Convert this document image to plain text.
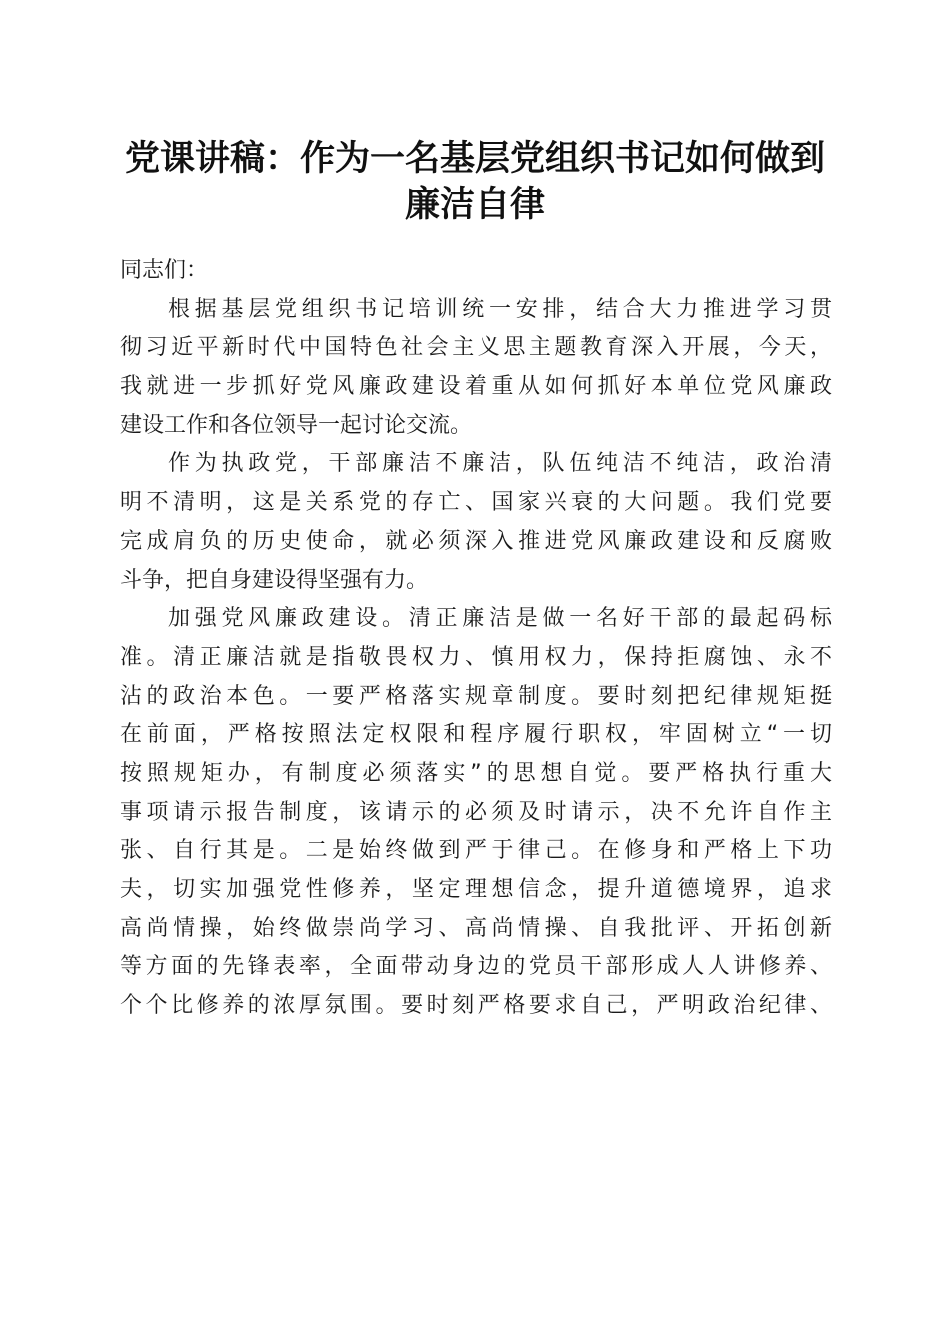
党课讲稿：作为一名基层党组织书记如何做到
廉洁自律
同志们：
根据基层党组织书记培训统一安排，结合大力推进学习贯
彻习近平新时代中国特色社会主义思主题教育深入开展，今天，
我就进一步抓好党风廉政建设着重从如何抓好本单位党风廉政
建设工作和各位领导一起讨论交流。
作为执政党，干部廉洁不廉洁，队伍纯洁不纯洁，政治清
明不清明，这是关系党的存亡、国家兴衰的大问题。我们党要
完成肩负的历史使命，就必须深入推进党风廉政建设和反腐败
斗争，把自身建设得坚强有力。
加强党风廉政建设。清正廉洁是做一名好干部的最起码标
准。清正廉洁就是指敬畏权力、慎用权力，保持拒腐蚀、永不
沾的政治本色。一要严格落实规章制度。要时刻把纪律规矩挺
在前面，严格按照法定权限和程序履行职权，牢固树立“一切
按照规矩办，有制度必须落实”的思想自觉。要严格执行重大
事项请示报告制度，该请示的必须及时请示，决不允许自作主
张、自行其是。二是始终做到严于律己。在修身和严格上下功
夫，切实加强党性修养，坚定理想信念，提升道德境界，追求
高尚情操，始终做崇尚学习、高尚情操、自我批评、开拓创新
等方面的先锋表率，全面带动身边的党员干部形成人人讲修养、
个个比修养的浓厚氛围。要时刻严格要求自己，严明政治纪律、
